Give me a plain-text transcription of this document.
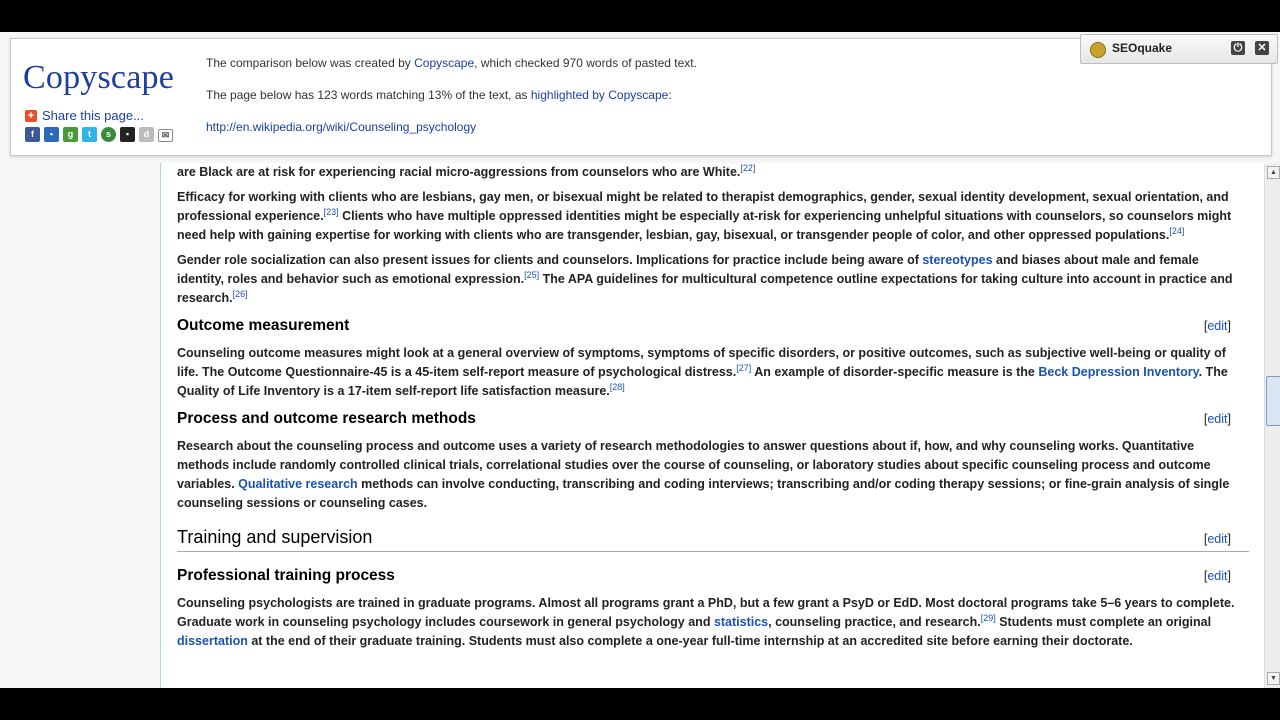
Copyscape
+ Share this page...
f	▪	g	t	s	▪	d	✉
The comparison below was created by Copyscape, which checked 970 words of pasted text.
The page below has 123 words matching 13% of the text, as highlighted by Copyscape:
http://en.wikipedia.org/wiki/Counseling_psychology

are Black are at risk for experiencing racial micro-aggressions from counselors who are White.[22]

Efficacy for working with clients who are lesbians, gay men, or bisexual might be related to therapist demographics, gender, sexual identity development, sexual orientation, and professional experience.[23] Clients who have multiple oppressed identities might be especially at-risk for experiencing unhelpful situations with counselors, so counselors might need help with gaining expertise for working with clients who are transgender, lesbian, gay, bisexual, or transgender people of color, and other oppressed populations.[24]

Gender role socialization can also present issues for clients and counselors. Implications for practice include being aware of stereotypes and biases about male and female identity, roles and behavior such as emotional expression.[25] The APA guidelines for multicultural competence outline expectations for taking culture into account in practice and research.[26]

Outcome measurement	[edit]

Counseling outcome measures might look at a general overview of symptoms, symptoms of specific disorders, or positive outcomes, such as subjective well-being or quality of life. The Outcome Questionnaire-45 is a 45-item self-report measure of psychological distress.[27] An example of disorder-specific measure is the Beck Depression Inventory. The Quality of Life Inventory is a 17-item self-report life satisfaction measure.[28]

Process and outcome research methods	[edit]

Research about the counseling process and outcome uses a variety of research methodologies to answer questions about if, how, and why counseling works. Quantitative methods include randomly controlled clinical trials, correlational studies over the course of counseling, or laboratory studies about specific counseling process and outcome variables. Qualitative research methods can involve conducting, transcribing and coding interviews; transcribing and/or coding therapy sessions; or fine-grain analysis of single counseling sessions or counseling cases.

Training and supervision	[edit]
Professional training process	[edit]

Counseling psychologists are trained in graduate programs. Almost all programs grant a PhD, but a few grant a PsyD or EdD. Most doctoral programs take 5–6 years to complete. Graduate work in counseling psychology includes coursework in general psychology and statistics, counseling practice, and research.[29] Students must complete an original dissertation at the end of their graduate training. Students must also complete a one-year full-time internship at an accredited site before earning their doctorate.

▲
▼
SEOquake	⏻ ✕
